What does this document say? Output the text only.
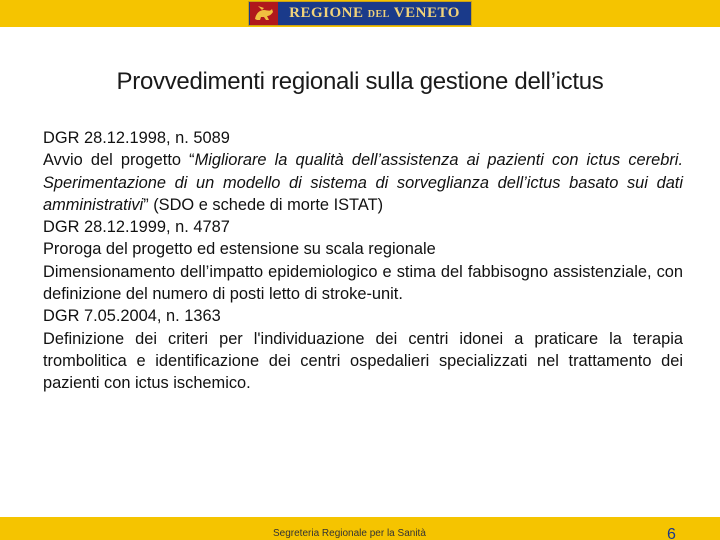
REGIONE DEL VENETO
Provvedimenti regionali sulla gestione dell’ictus

DGR 28.12.1998, n. 5089

Avvio del progetto “Migliorare la qualità dell’assistenza ai pazienti con ictus cerebri. Sperimentazione di un modello di sistema di sorveglianza dell’ictus basato sui dati amministrativi” (SDO e schede di morte ISTAT)

DGR 28.12.1999, n. 4787

Proroga del progetto ed estensione su scala regionale

Dimensionamento dell’impatto epidemiologico e stima del fabbisogno assistenziale, con definizione del numero di posti letto di stroke-unit.

DGR 7.05.2004, n. 1363

Definizione dei criteri per l'individuazione dei centri idonei a praticare la terapia trombolitica e identificazione dei centri ospedalieri specializzati nel trattamento dei pazienti con ictus ischemico.

Segreteria Regionale per la Sanità	6
